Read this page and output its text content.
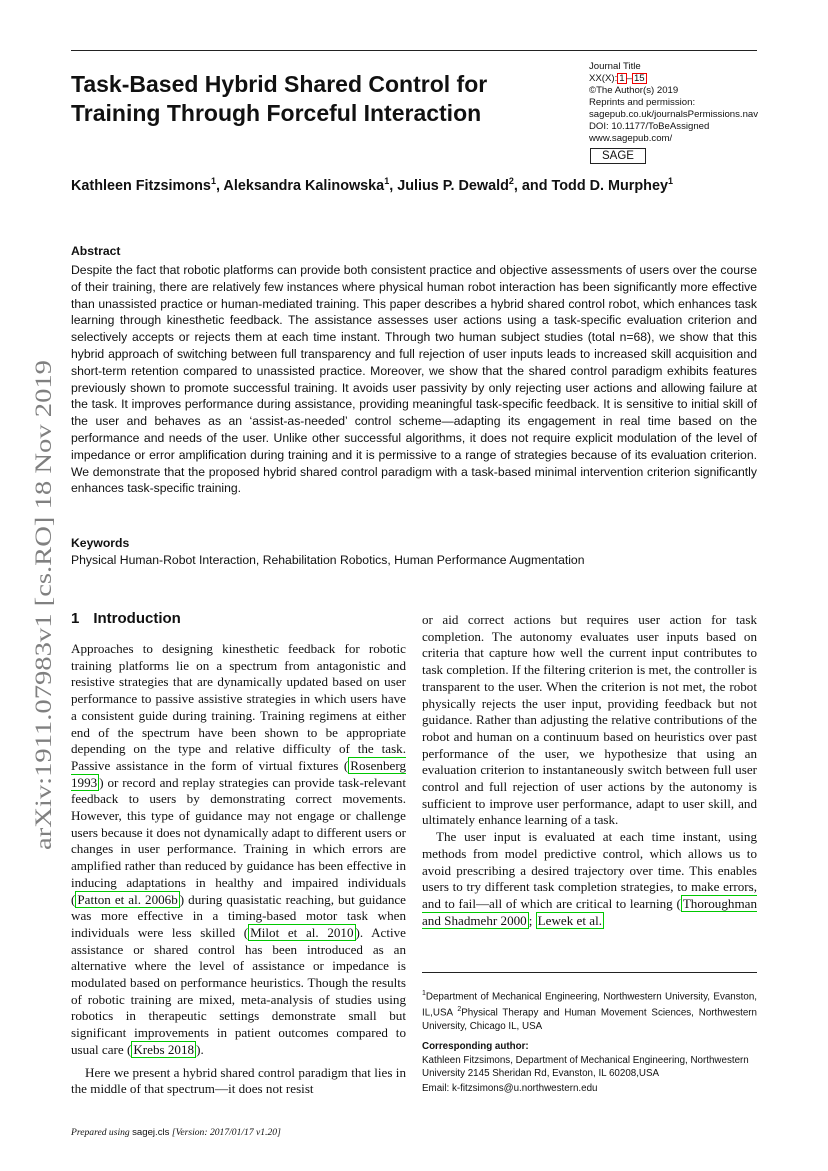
Task-Based Hybrid Shared Control for Training Through Forceful Interaction
Journal Title
XX(X): 1 – 15
©The Author(s) 2019
Reprints and permission:
sagepub.co.uk/journalsPermissions.nav
DOI: 10.1177/ToBeAssigned
www.sagepub.com/
SAGE
Kathleen Fitzsimons$^1$, Aleksandra Kalinowska$^1$, Julius P. Dewald$^2$, and Todd D. Murphey$^1$
Abstract

Despite the fact that robotic platforms can provide both consistent practice and objective assessments of users over the course of their training, there are relatively few instances where physical human robot interaction has been significantly more effective than unassisted practice or human-mediated training. This paper describes a hybrid shared control robot, which enhances task learning through kinesthetic feedback. The assistance assesses user actions using a task-specific evaluation criterion and selectively accepts or rejects them at each time instant. Through two human subject studies (total n=68), we show that this hybrid approach of switching between full transparency and full rejection of user inputs leads to increased skill acquisition and short-term retention compared to unassisted practice. Moreover, we show that the shared control paradigm exhibits features previously shown to promote successful training. It avoids user passivity by only rejecting user actions and allowing failure at the task. It improves performance during assistance, providing meaningful task-specific feedback. It is sensitive to initial skill of the user and behaves as an ‘assist-as-needed’ control scheme—adapting its engagement in real time based on the performance and needs of the user. Unlike other successful algorithms, it does not require explicit modulation of the level of impedance or error amplification during training and it is permissive to a range of strategies because of its evaluation criterion. We demonstrate that the proposed hybrid shared control paradigm with a task-based minimal intervention criterion significantly enhances task-specific training.

Keywords
Physical Human-Robot Interaction, Rehabilitation Robotics, Human Performance Augmentation
arXiv:1911.07983v1 [cs.RO] 18 Nov 2019 1 Introduction

Approaches to designing kinesthetic feedback for robotic training platforms lie on a spectrum from antagonistic and resistive strategies that are dynamically updated based on user performance to passive assistive strategies in which users have a consistent guide during training. Training regimens at either end of the spectrum have been shown to be appropriate depending on the type and relative difficulty of the task. Passive assistance in the form of virtual fixtures ( Rosenberg 1993 ) or record and replay strategies can provide task-relevant feedback to users by demonstrating correct movements. However, this type of guidance may not engage or challenge users because it does not dynamically adapt to different users or changes in user performance. Training in which errors are amplified rather than reduced by guidance has been effective in inducing adaptations in healthy and impaired individuals ( Patton et al. 2006b ) during quasistatic reaching, but guidance was more effective in a timing-based motor task when individuals were less skilled ( Milot et al. 2010 ). Active assistance or shared control has been introduced as an alternative where the level of assistance or impedance is modulated based on performance heuristics. Though the results of robotic training are mixed, meta-analysis of studies using robotics in therapeutic settings demonstrate small but significant improvements in patient outcomes compared to usual care ( Krebs 2018 ).

Here we present a hybrid shared control paradigm that lies in the middle of that spectrum—it does not resist

or aid correct actions but requires user action for task completion. The autonomy evaluates user inputs based on criteria that capture how well the current input contributes to task completion. If the filtering criterion is met, the controller is transparent to the user. When the criterion is not met, the robot physically rejects the user input, providing feedback but not guidance. Rather than adjusting the relative contributions of the robot and human on a continuum based on heuristics over past performance of the user, we hypothesize that using an evaluation criterion to instantaneously switch between full user control and full rejection of user actions by the autonomy is sufficient to improve user performance, adapt to user skill, and ultimately enhance learning of a task.

The user input is evaluated at each time instant, using methods from model predictive control, which allows us to avoid prescribing a desired trajectory over time. This enables users to try different task completion strategies, to make errors, and to fail—all of which are critical to learning ( Thoroughman and Shadmehr 2000 ; Lewek et al.

$^1$Department of Mechanical Engineering, Northwestern University, Evanston, IL,USA $^2$Physical Therapy and Human Movement Sciences, Northwestern University, Chicago IL, USA
Corresponding author:
Kathleen Fitzsimons, Department of Mechanical Engineering, Northwestern University 2145 Sheridan Rd, Evanston, IL 60208,USA
Email: k-fitzsimons@u.northwestern.edu
Prepared using sagej.cls [Version: 2017/01/17 v1.20]
